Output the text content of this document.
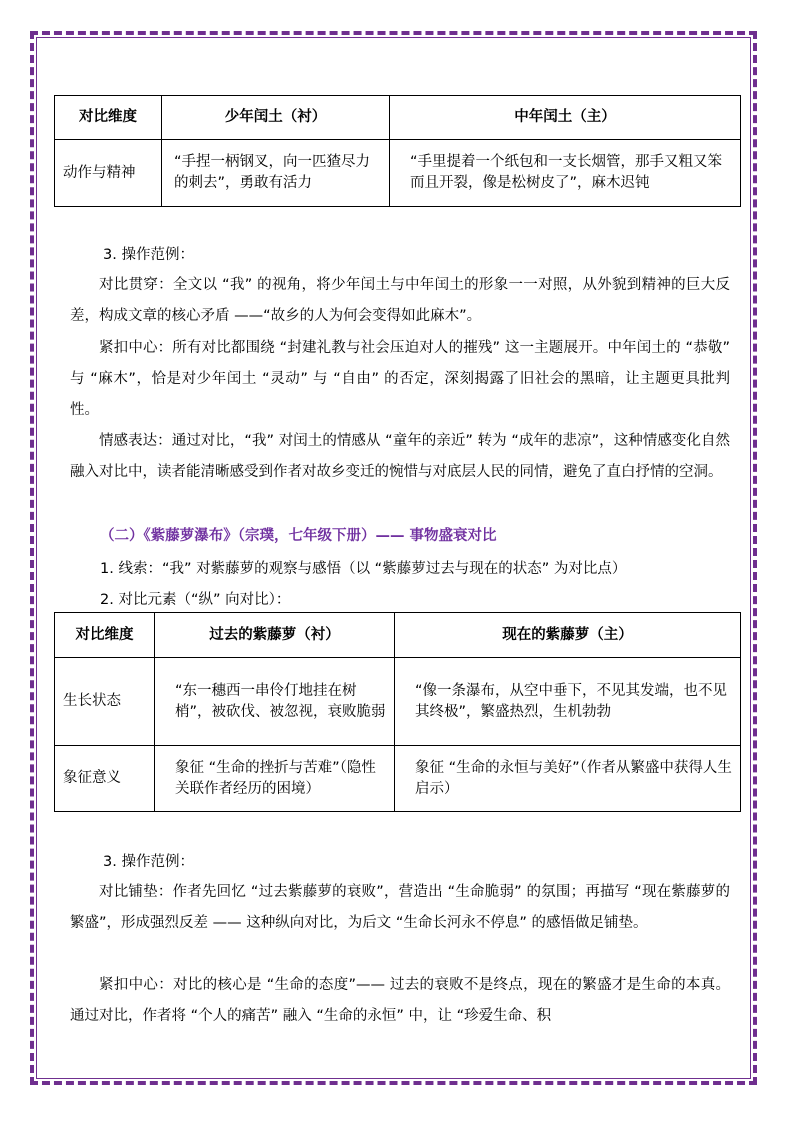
对比维度	少年闰土（衬）	中年闰土（主）
动作与精神	“手捏一柄钢叉，向一匹猹尽力的刺去”，勇敢有活力	“手里提着一个纸包和一支长烟管，那手又粗又笨而且开裂，像是松树皮了”，麻木迟钝
3. 操作范例：

对比贯穿：全文以 “我” 的视角，将少年闰土与中年闰土的形象一一对照，从外貌到精神的巨大反差，构成文章的核心矛盾 ——“故乡的人为何会变得如此麻木”。

紧扣中心：所有对比都围绕 “封建礼教与社会压迫对人的摧残” 这一主题展开。中年闰土的 “恭敬” 与 “麻木”，恰是对少年闰土 “灵动” 与 “自由” 的否定，深刻揭露了旧社会的黑暗，让主题更具批判性。

情感表达：通过对比，“我” 对闰土的情感从 “童年的亲近” 转为 “成年的悲凉”，这种情感变化自然融入对比中，读者能清晰感受到作者对故乡变迁的惋惜与对底层人民的同情，避免了直白抒情的空洞。

（二）《紫藤萝瀑布》（宗璞，七年级下册）—— 事物盛衰对比
1. 线索：“我” 对紫藤萝的观察与感悟（以 “紫藤萝过去与现在的状态” 为对比点）
2. 对比元素（“纵” 向对比）：
对比维度	过去的紫藤萝（衬）	现在的紫藤萝（主）
生长状态	“东一穗西一串伶仃地挂在树梢”，被砍伐、被忽视，衰败脆弱	“像一条瀑布，从空中垂下，不见其发端，也不见其终极”，繁盛热烈，生机勃勃
象征意义	象征 “生命的挫折与苦难”（隐性关联作者经历的困境）	象征 “生命的永恒与美好”（作者从繁盛中获得人生启示）
3. 操作范例：

对比铺垫：作者先回忆 “过去紫藤萝的衰败”，营造出 “生命脆弱” 的氛围；再描写 “现在紫藤萝的繁盛”，形成强烈反差 —— 这种纵向对比，为后文 “生命长河永不停息” 的感悟做足铺垫。

紧扣中心：对比的核心是 “生命的态度”—— 过去的衰败不是终点，现在的繁盛才是生命的本真。通过对比，作者将 “个人的痛苦” 融入 “生命的永恒” 中，让 “珍爱生命、积
